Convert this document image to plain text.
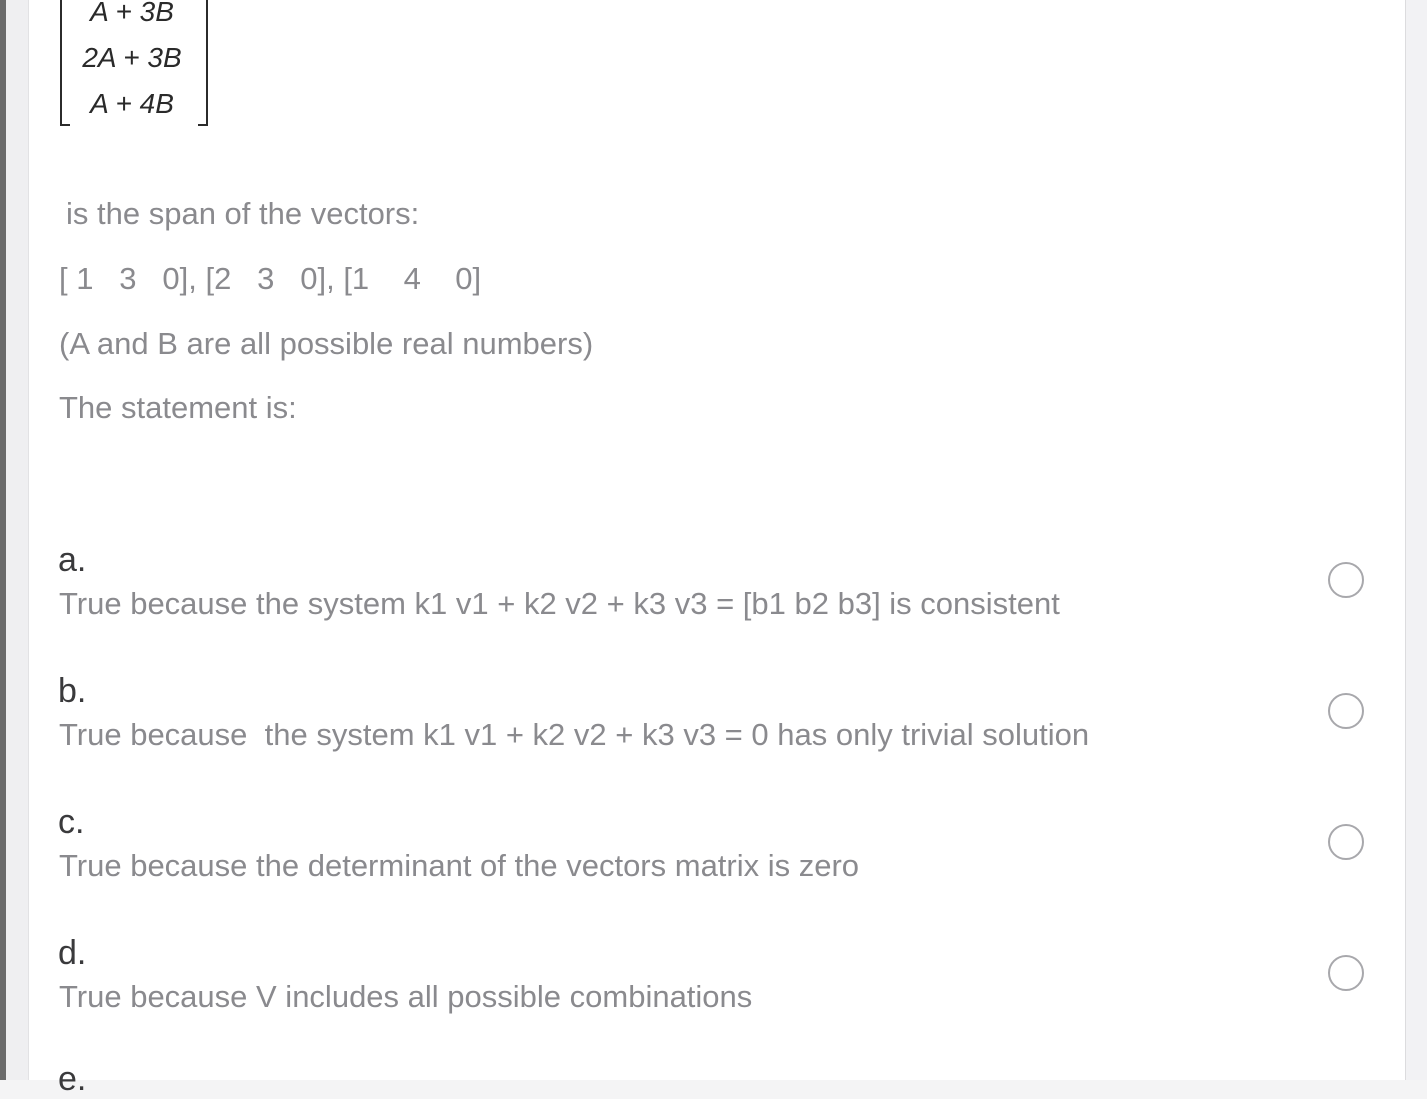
A + 3B
2A + 3B
A + 4B
is the span of the vectors:
[ 1   3   0], [2   3   0], [1    4    0]
(A and B are all possible real numbers)
The statement is:
a.
True because the system k1 v1 + k2 v2 + k3 v3 = [b1 b2 b3] is consistent
b.
True because  the system k1 v1 + k2 v2 + k3 v3 = 0 has only trivial solution
c.
True because the determinant of the vectors matrix is zero
d.
True because V includes all possible combinations
e.
